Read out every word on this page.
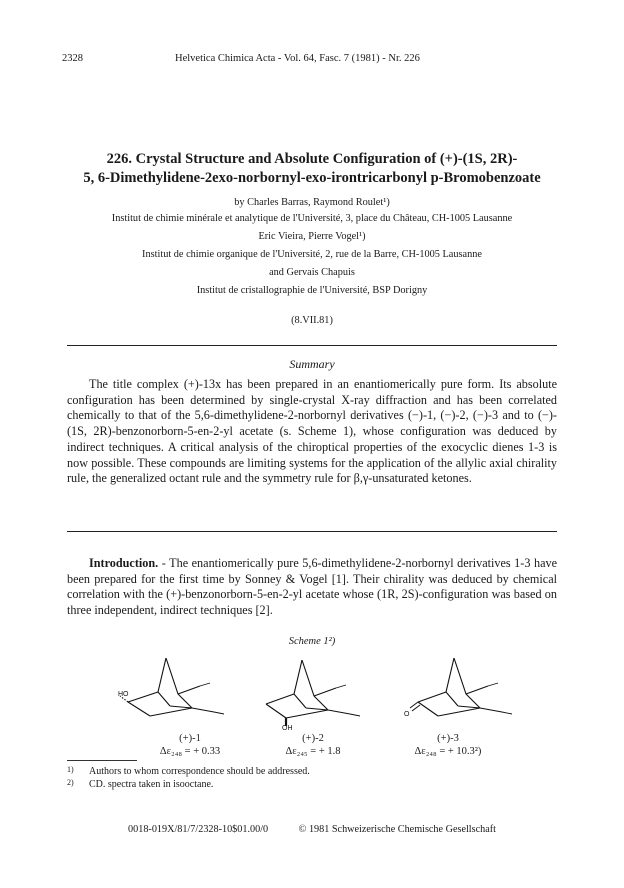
2328	Helvetica Chimica Acta - Vol. 64, Fasc. 7 (1981) - Nr. 226
226. Crystal Structure and Absolute Configuration of (+)-(1S, 2R)-
5, 6-Dimethylidene-2exo-norbornyl-exo-irontricarbonyl p-Bromobenzoate
by Charles Barras, Raymond Roulet¹)
Institut de chimie minérale et analytique de l'Université, 3, place du Château, CH-1005 Lausanne
Eric Vieira, Pierre Vogel¹)
Institut de chimie organique de l'Université, 2, rue de la Barre, CH-1005 Lausanne
and Gervais Chapuis
Institut de cristallographie de l'Université, BSP Dorigny
(8.VII.81)
Summary

The title complex (+)-13x has been prepared in an enantiomerically pure form. Its absolute configuration has been determined by single-crystal X-ray diffraction and has been correlated chemically to that of the 5,6-dimethylidene-2-norbornyl derivatives (−)-1, (−)-2, (−)-3 and to (−)-(1S, 2R)-benzonorborn-5-en-2-yl acetate (s. Scheme 1), whose configuration was deduced by indirect techniques. A critical analysis of the chiroptical properties of the exocyclic dienes 1-3 is now possible. These compounds are limiting systems for the application of the allylic axial chirality rule, the generalized octant rule and the symmetry rule for β,γ-unsaturated ketones.

Introduction. - The enantiomerically pure 5,6-dimethylidene-2-norbornyl derivatives 1-3 have been prepared for the first time by Sonney & Vogel [1]. Their chirality was deduced by chemical correlation with the (+)-benzonorborn-5-en-2-yl acetate whose (1R, 2S)-configuration was based on three independent, indirect techniques [2].

Scheme 1²)
HO
OH
O
(+)-1
Δε₂₄₈ = + 0.33
(+)-2
Δε₂₄₅ = + 1.8
(+)-3
Δε₂₄₈ = + 10.3²)
1) Authors to whom correspondence should be addressed.
2) CD. spectra taken in isooctane.
0018-019X/81/7/2328-10$01.00/0	© 1981 Schweizerische Chemische Gesellschaft
